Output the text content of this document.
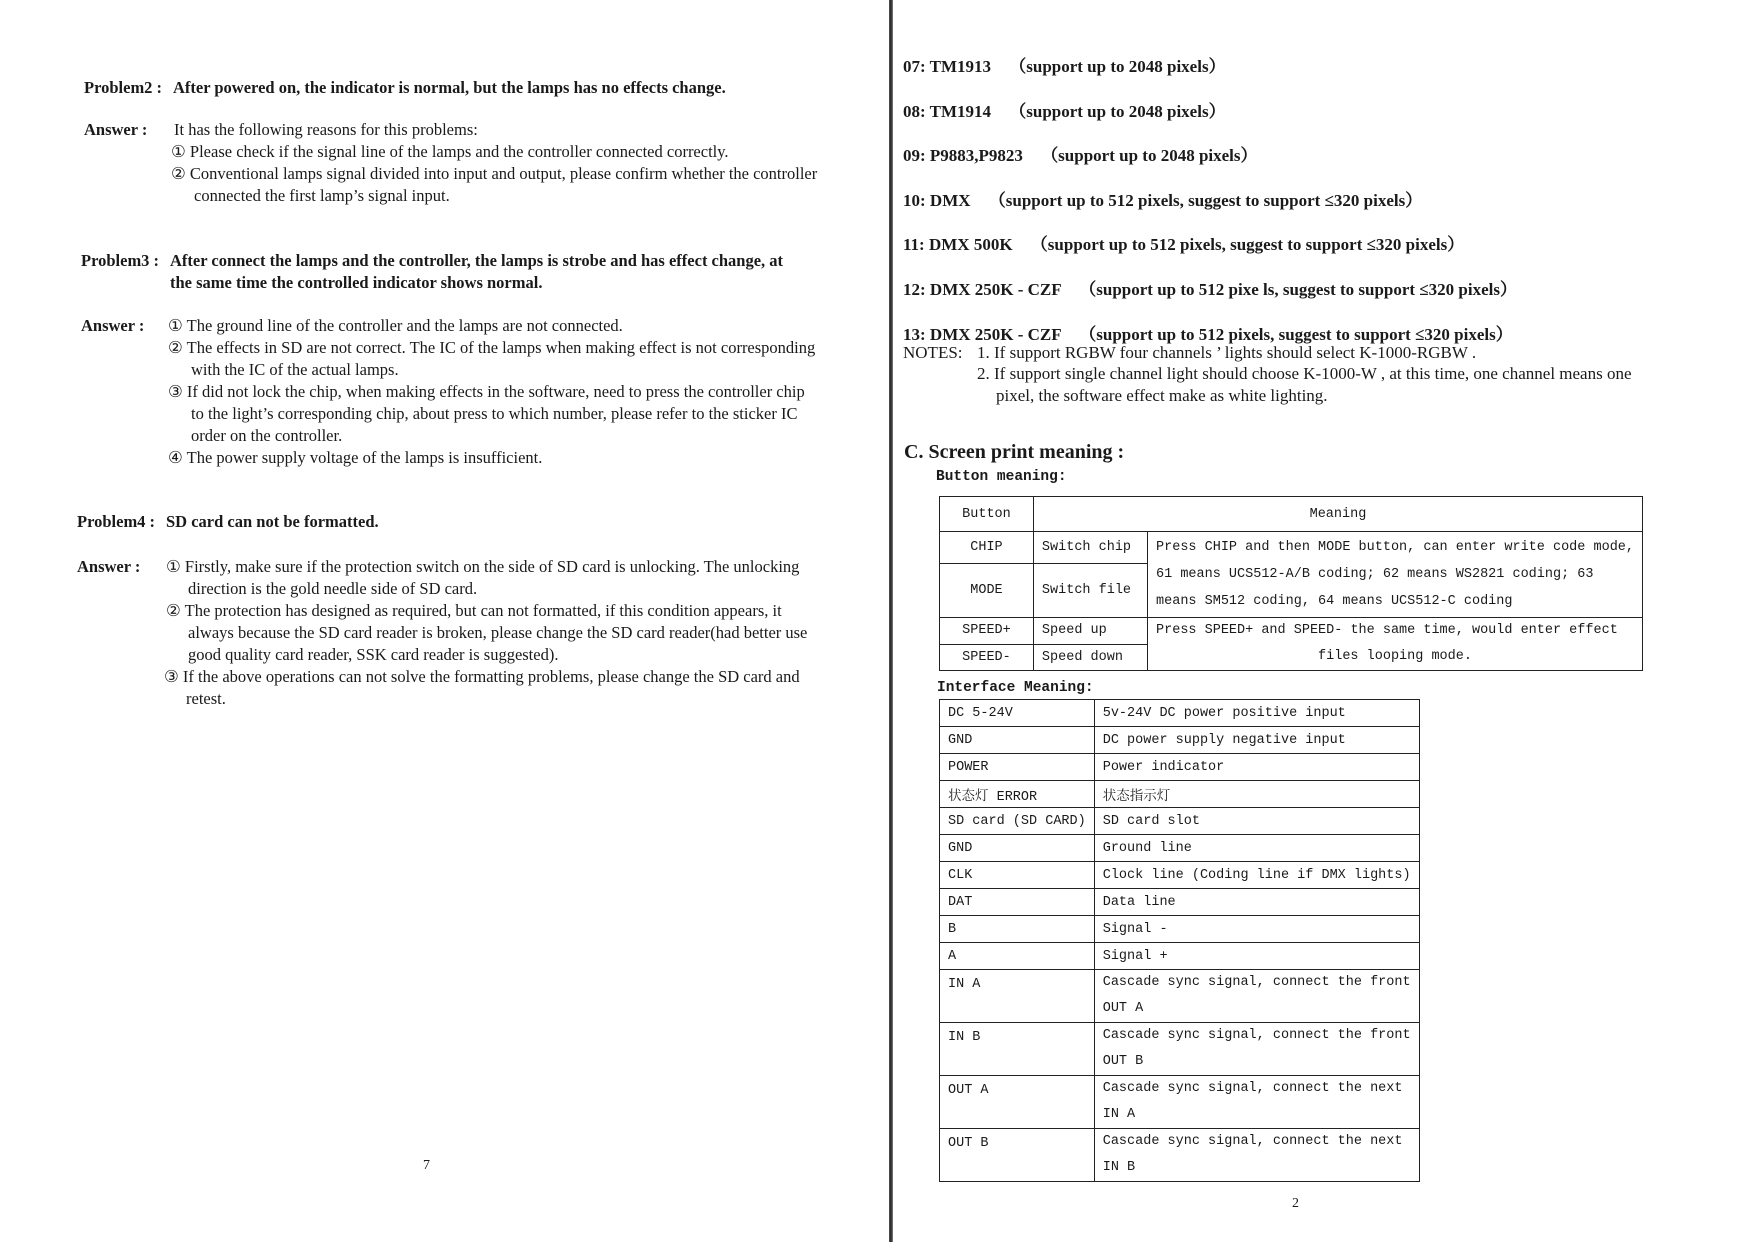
Problem2 : After powered on, the indicator is normal, but the lamps has no effects change.
Answer : It has the following reasons for this problems:
① Please check if the signal line of the lamps and the controller connected correctly.
② Conventional lamps signal divided into input and output, please confirm whether the controller
connected the first lamp’s signal input.
Problem3 : After connect the lamps and the controller, the lamps is strobe and has effect change, at
the same time the controlled indicator shows normal.
Answer : ① The ground line of the controller and the lamps are not connected.
② The effects in SD are not correct. The IC of the lamps when making effect is not corresponding
with the IC of the actual lamps.
③ If did not lock the chip, when making effects in the software, need to press the controller chip
to the light’s corresponding chip, about press to which number, please refer to the sticker IC
order on the controller.
④ The power supply voltage of the lamps is insufficient.
Problem4 : SD card can not be formatted.
Answer : ① Firstly, make sure if the protection switch on the side of SD card is unlocking. The unlocking
direction is the gold needle side of SD card.
② The protection has designed as required, but can not formatted, if this condition appears, it
always because the SD card reader is broken, please change the SD card reader(had better use
good quality card reader, SSK card reader is suggested).
③ If the above operations can not solve the formatting problems, please change the SD card and
retest.
7
07: TM1913 （support up to 2048 pixels）
08: TM1914 （support up to 2048 pixels）
09: P9883,P9823 （support up to 2048 pixels）
10: DMX （support up to 512 pixels, suggest to support ≤320 pixels）
11: DMX 500K （support up to 512 pixels, suggest to support ≤320 pixels）
12: DMX 250K - CZF （support up to 512 pixe ls, suggest to support ≤320 pixels）
13: DMX 250K - CZF （support up to 512 pixels, suggest to support ≤320 pixels）
NOTES: 1. If support RGBW four channels ’ lights should select K-1000-RGBW .
2. If support single channel light should choose K-1000-W , at this time, one channel means one
pixel, the software effect make as white lighting.
C. Screen print meaning :
Button meaning:
Button	Meaning	
CHIP	Switch chip	Press CHIP and then MODE button, can enter write code mode,
61 means UCS512-A/B coding; 62 means WS2821 coding; 63
means SM512 coding, 64 means UCS512-C coding

MODE	Switch file	
SPEED+	Speed up	Press SPEED+ and SPEED- the same time, would enter effect
files looping mode.

SPEED-	Speed down	
Interface Meaning:
DC 5-24V	5v-24V DC power positive input

GND	DC power supply negative input

POWER	Power indicator

状态灯 ERROR	状态指示灯

SD card (SD CARD)	SD card slot

GND	Ground line

CLK	Clock line (Coding line if DMX lights)

DAT	Data line

B	Signal -

A	Signal +

IN A	Cascade sync signal, connect the front
OUT A

IN B	Cascade sync signal, connect the front
OUT B

OUT A	Cascade sync signal, connect the next
IN A

OUT B	Cascade sync signal, connect the next
IN B
2
